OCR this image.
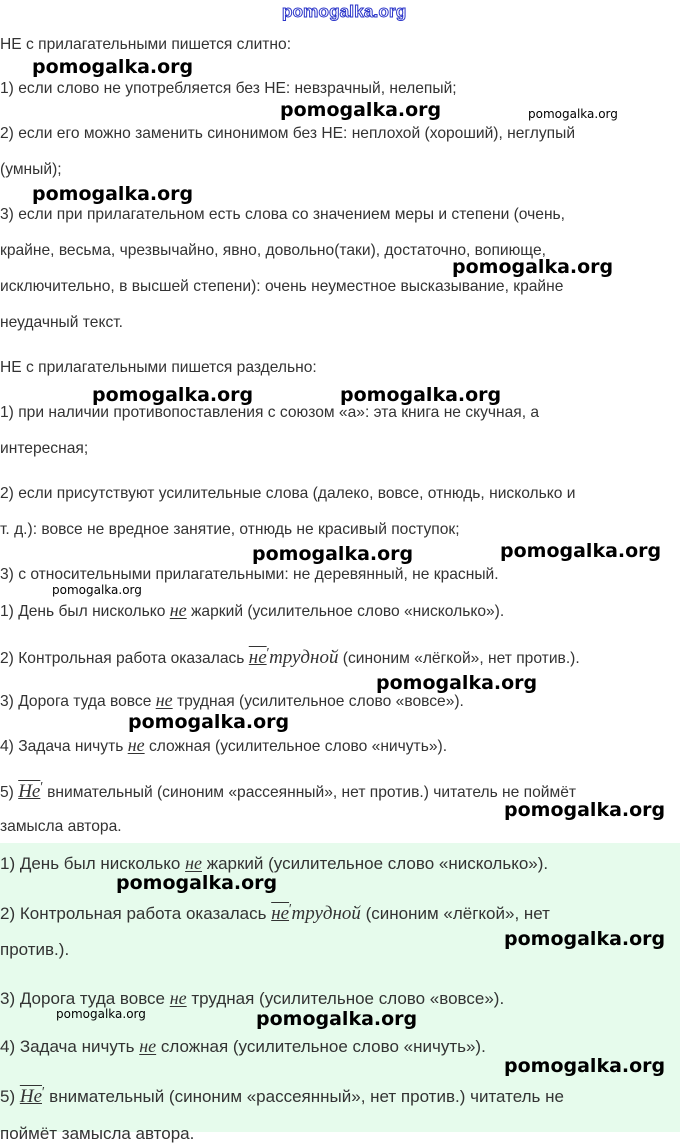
pomogalka.org
НЕ с прилагательными пишется слитно:
1) если слово не употребляется без НЕ: невзрачный, нелепый;
2) если его можно заменить синонимом без НЕ: неплохой (хороший), неглупый
(умный);
3) если при прилагательном есть слова со значением меры и степени (очень,
крайне, весьма, чрезвычайно, явно, довольно(таки), достаточно, вопиюще,
исключительно, в высшей степени): очень неуместное высказывание, крайне
неудачный текст.
НЕ с прилагательными пишется раздельно:
1) при наличии противопоставления с союзом «а»: эта книга не скучная, а
интересная;
2) если присутствуют усилительные слова (далеко, вовсе, отнюдь, нисколько и
т. д.): вовсе не вредное занятие, отнюдь не красивый поступок;
3) с относительными прилагательными: не деревянный, не красный.
1) День был нисколько не жаркий (усилительное слово «нисколько»).
2) Контрольная работа оказалась не′трудной (синоним «лёгкой», нет против.).
3) Дорога туда вовсе не трудная (усилительное слово «вовсе»).
4) Задача ничуть не сложная (усилительное слово «ничуть»).
5) Не′ внимательный (синоним «рассеянный», нет против.) читатель не поймёт
замысла автора.
1) День был нисколько не жаркий (усилительное слово «нисколько»).
2) Контрольная работа оказалась не′трудной (синоним «лёгкой», нет
против.).
3) Дорога туда вовсе не трудная (усилительное слово «вовсе»).
4) Задача ничуть не сложная (усилительное слово «ничуть»).
5) Не′ внимательный (синоним «рассеянный», нет против.) читатель не
поймёт замысла автора.
pomogalka.org
pomogalka.org	pomogalka.org
pomogalka.org
pomogalka.org
pomogalka.org	pomogalka.org
pomogalka.org	pomogalka.org
pomogalka.org
pomogalka.org
pomogalka.org
pomogalka.org
pomogalka.org
pomogalka.org
pomogalka.org	pomogalka.org
pomogalka.org
